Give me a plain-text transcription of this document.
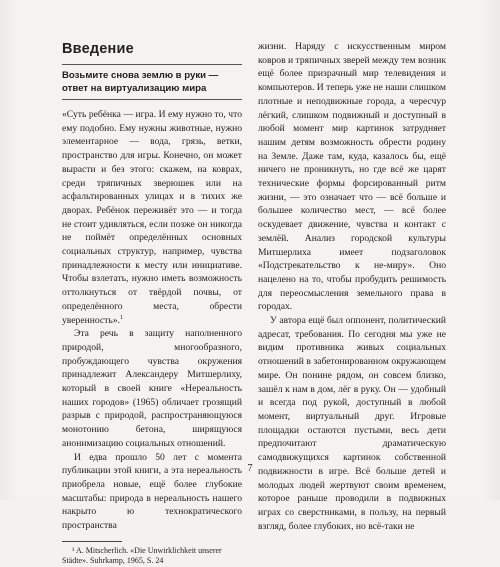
Введение
Возьмите снова землю в руки — ответ на виртуализацию мира

«Суть ребёнка — игра. И ему нужно то, что ему подобно. Ему нужны животные, нужно элементарное — вода, грязь, ветки, пространство для игры. Конечно, он может вырасти и без этого: скажем, на коврах, среди тряпичных зверюшек или на асфальтированных улицах и в тихих же дворах. Ребёнок переживёт это — и тогда не стоит удивляться, если позже он никогда не поймёт определённых основных социальных структур, например, чувства принадлежности к месту или инициативе. Чтобы взлетать, нужно иметь возможность оттолкнуться от твёрдой почвы, от определённого места, обрести уверенность».$^1$

Эта речь в защиту наполненного природой, многообразного, пробуждающего чувства окружения принадлежит Александеру Митшерлиху, который в своей книге «Нереальность наших городов» (1965) обличает грозящий разрыв с природой, распространяющуюся монотонию бетона, ширящуюся анонимизацию социальных отношений.

И едва прошло 50 лет с момента публикации этой книги, а эта нереальность приобрела новые, ещё более глубокие масштабы: природа в нереальность нашего накрыто ю технократического пространства

¹ A. Mitscherlich. «Die Unwirklichkeit unserer Städte». Suhrkamp, 1965, S. 24

жизни. Наряду с искусственным миром ковров и тряпичных зверей между тем возник ещё более призрачный мир телевидения и компьютеров. И теперь уже не наши слишком плотные и неподвижные города, а чересчур лёгкий, слишком подвижный и доступный в любой момент мир картинок затрудняет нашим детям возможность обрести родину на Земле. Даже там, куда, казалось бы, ещё ничего не проникнуть, но где всё же царят технические формы форсированный ритм жизни, — это означает что — всё больше и большее количество мест, — всё более оскудевает движение, чувства и контакт с землёй. Анализ городской культуры Митшерлиха имеет подзаголовок «Подстрекательство к не-миру». Оно нацелено на то, чтобы пробудить решимость для переосмысления земельного права в городах.

У автора ещё был оппонент, политический адресат, требования. По сегодня мы уже не видим противника живых социальных отношений в забетонированном окружающем мире. Он понине рядом, он совсем близко, зашёл к нам в дом, лёг в руку. Он — удобный и всегда под рукой, доступный в любой момент, виртуальный друг. Игровые площадки остаются пустыми, весь дети предпочитают драматическую самодвижущихся картинок собственной подвижности в игре. Всё больше детей и молодых людей жертвуют своим временем, которое раньше проводили в подвижных играх со сверстниками, в пользу, на первый взгляд, более глубоких, но всё-таки не

7
